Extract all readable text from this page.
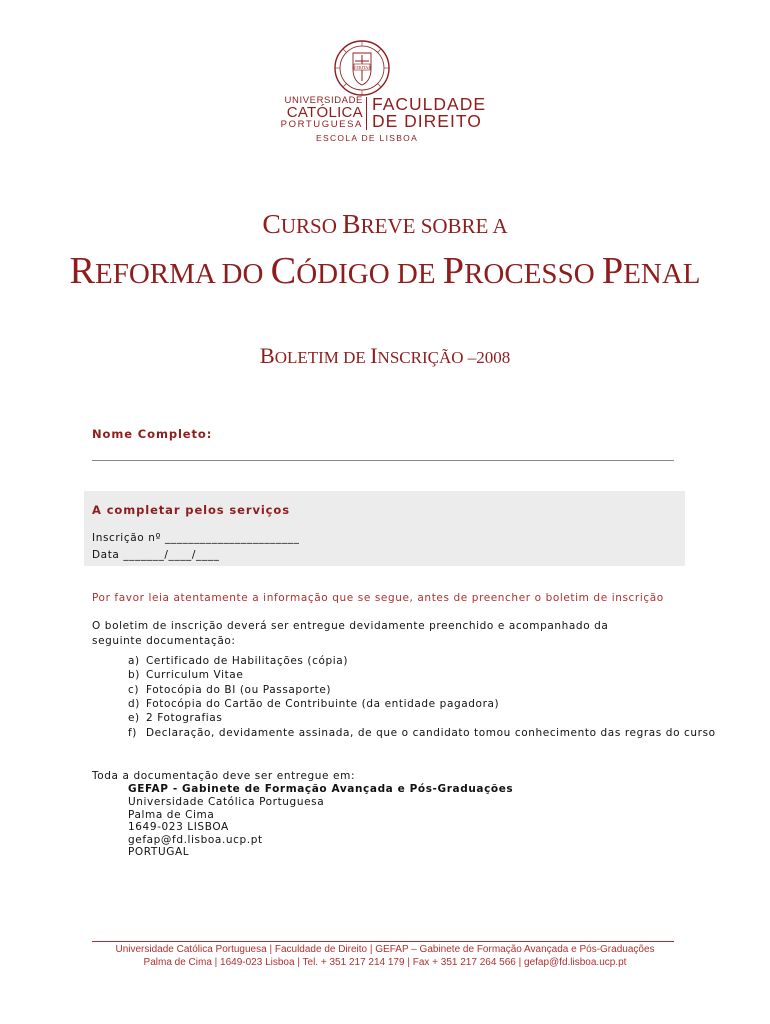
VERITAS
UNIVERSIDADE
CATÓLICA
PORTUGUESA
FACULDADE
DE DIREITO
ESCOLA DE LISBOA
CURSO BREVE SOBRE A
REFORMA DO CÓDIGO DE PROCESSO PENAL
BOLETIM DE INSCRIÇÃO –2008
Nome Completo:
A completar pelos serviços
Inscrição nº _______________________
Data _______/____/____
Por favor leia atentamente a informação que se segue, antes de preencher o boletim de inscrição
O boletim de inscrição deverá ser entregue devidamente preenchido e acompanhado da seguinte documentação:
a) Certificado de Habilitações (cópia)
b) Curriculum Vitae
c) Fotocópia do BI (ou Passaporte)
d) Fotocópia do Cartão de Contribuinte (da entidade pagadora)
e) 2 Fotografias
f) Declaração, devidamente assinada, de que o candidato tomou conhecimento das regras do curso
Toda a documentação deve ser entregue em:
GEFAP - Gabinete de Formação Avançada e Pós-Graduações
Universidade Católica Portuguesa
Palma de Cima
1649-023 LISBOA
gefap@fd.lisboa.ucp.pt
PORTUGAL
Universidade Católica Portuguesa | Faculdade de Direito | GEFAP – Gabinete de Formação Avançada e Pós-Graduações
Palma de Cima | 1649-023 Lisboa | Tel. + 351 217 214 179 | Fax + 351 217 264 566 | gefap@fd.lisboa.ucp.pt
